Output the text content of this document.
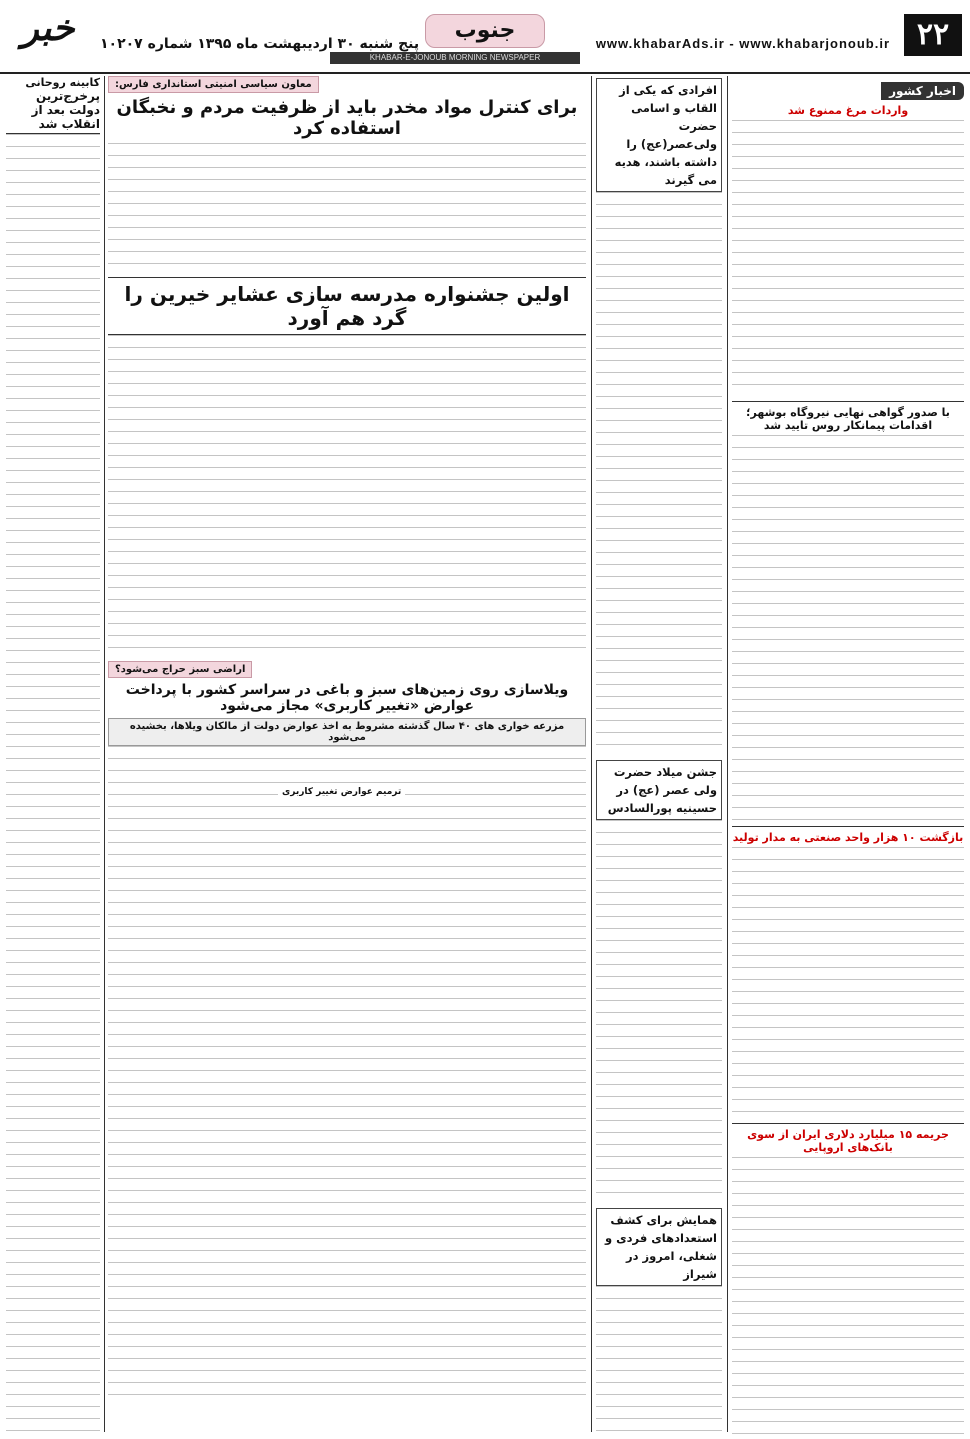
۲۲
www.khabarAds.ir - www.khabarjonoub.ir
جنوب
خبر	پنج شنبه ۳۰ اردیبهشت ماه ۱۳۹۵ شماره ۱۰۲۰۷
KHABAR-E-JONOUB MORNING NEWSPAPER
اخبار کشور
واردات مرغ ممنوع شد
با صدور گواهی نهایی نیروگاه بوشهر؛ اقدامات پیمانکار روس تایید شد
بازگشت ۱۰ هزار واحد صنعتی به مدار تولید
جریمه ۱۵ میلیارد دلاری ایران از سوی بانک‌های اروپایی
افرادی که یکی از القاب و اسامی حضرت ولی‌عصر(عج) را داشته باشند، هدیه می گیرند
جشن میلاد حضرت ولی عصر (عج) در حسینیه پورالسادس
همایش برای کشف استعدادهای فردی و شغلی، امروز در شیراز
معاون سیاسی امنیتی استانداری فارس:
برای کنترل مواد مخدر باید از ظرفیت مردم و نخبگان استفاده کرد
اولین جشنواره مدرسه سازی عشایر خیرین را گرد هم آورد
اراضی سبز حراج می‌شود؟
ویلاسازی روی زمین‌های سبز و باغی در سراسر کشور با پرداخت عوارض «تغییر کاربری» مجاز می‌شود
مزرعه خواری های ۴۰ سال گذشته مشروط به اخذ عوارض دولت از مالکان ویلاها، بخشیده می‌شود
ترمیم عوارض تغییر کاربری
کابینه روحانی
پرخرج‌ترین دولت بعد از انقلاب شد
